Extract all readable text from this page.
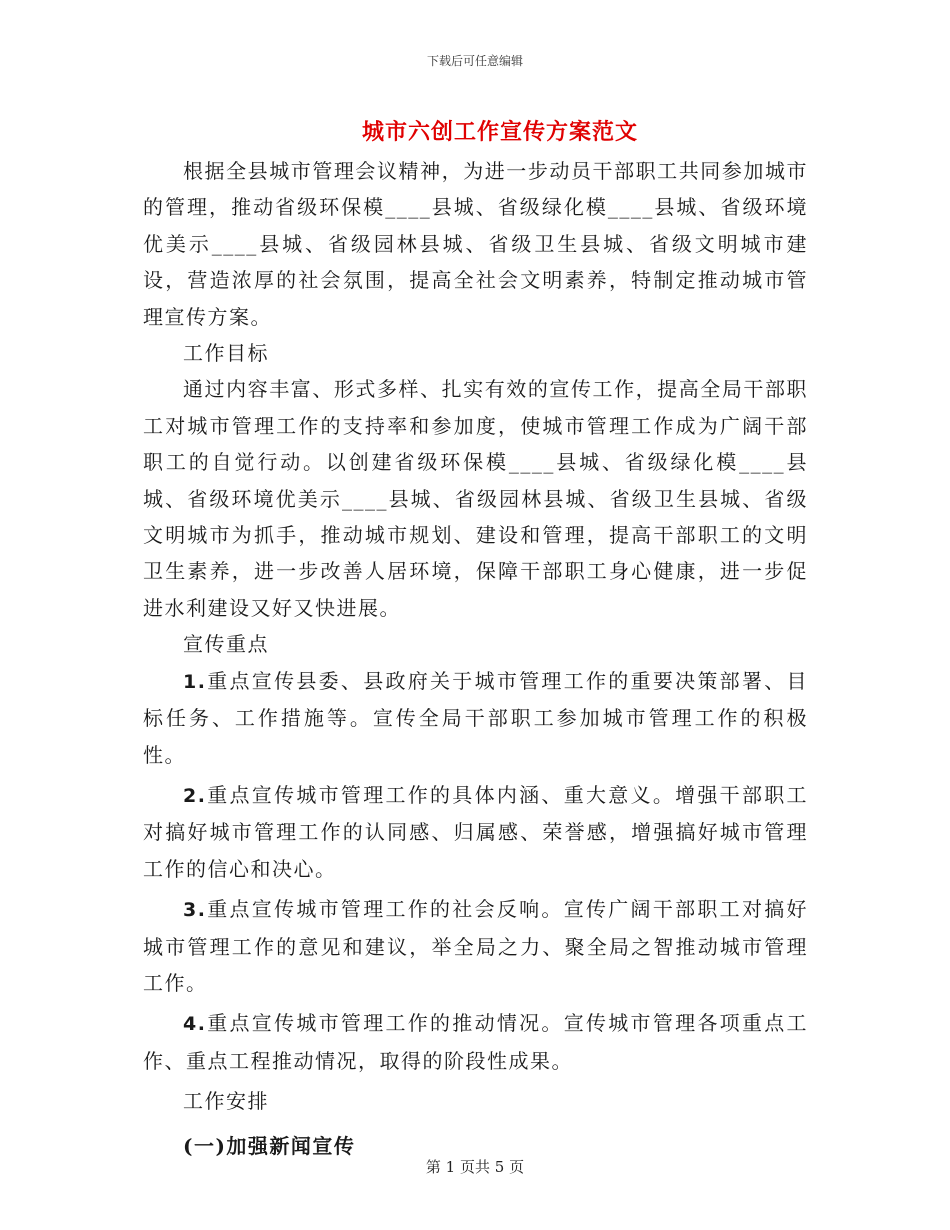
下载后可任意编辑
城市六创工作宣传方案范文

根据全县城市管理会议精神，为进一步动员干部职工共同参加城市的管理，推动省级环保模____县城、省级绿化模____县城、省级环境优美示____县城、省级园林县城、省级卫生县城、省级文明城市建设，营造浓厚的社会氛围，提高全社会文明素养，特制定推动城市管理宣传方案。

工作目标

通过内容丰富、形式多样、扎实有效的宣传工作，提高全局干部职工对城市管理工作的支持率和参加度，使城市管理工作成为广阔干部职工的自觉行动。以创建省级环保模____县城、省级绿化模____县城、省级环境优美示____县城、省级园林县城、省级卫生县城、省级文明城市为抓手，推动城市规划、建设和管理，提高干部职工的文明卫生素养，进一步改善人居环境，保障干部职工身心健康，进一步促进水利建设又好又快进展。

宣传重点

1.重点宣传县委、县政府关于城市管理工作的重要决策部署、目标任务、工作措施等。宣传全局干部职工参加城市管理工作的积极性。

2.重点宣传城市管理工作的具体内涵、重大意义。增强干部职工对搞好城市管理工作的认同感、归属感、荣誉感，增强搞好城市管理工作的信心和决心。

3.重点宣传城市管理工作的社会反响。宣传广阔干部职工对搞好城市管理工作的意见和建议，举全局之力、聚全局之智推动城市管理工作。

4.重点宣传城市管理工作的推动情况。宣传城市管理各项重点工作、重点工程推动情况，取得的阶段性成果。

工作安排

(一)加强新闻宣传

第 1 页共 5 页
